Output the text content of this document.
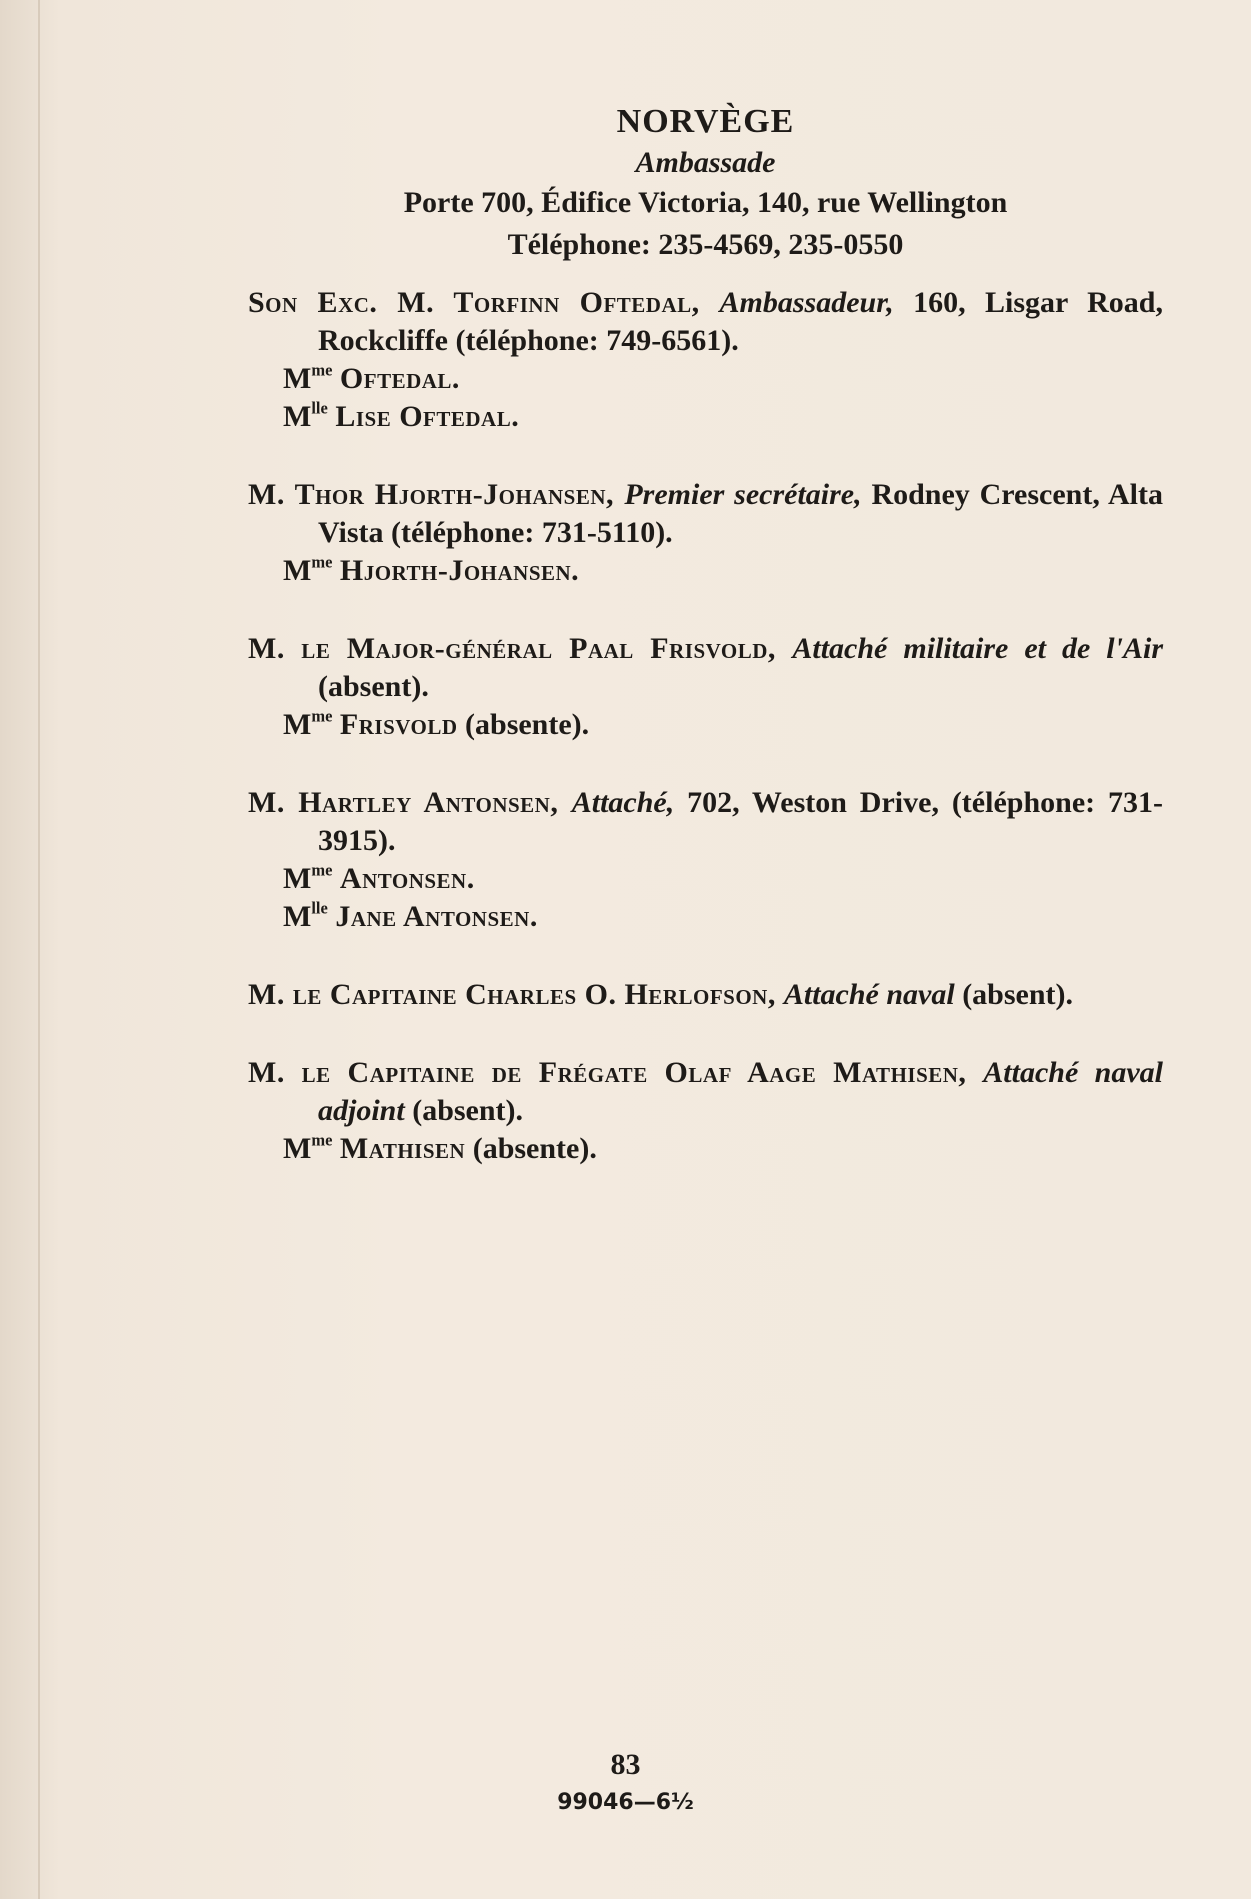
NORVÈGE

Ambassade

Porte 700, Édifice Victoria, 140, rue Wellington

Téléphone: 235-4569, 235-0550

Son Exc. M. Torfinn Oftedal, Ambassadeur, 160, Lisgar Road, Rockcliffe (téléphone: 749-6561).

$M^{me}$ Oftedal.

$M^{lle}$ Lise Oftedal.

M. Thor Hjorth-Johansen, Premier secrétaire, Rodney Crescent, Alta Vista (téléphone: 731-5110).

$M^{me}$ Hjorth-Johansen.

M. le Major-général Paal Frisvold, Attaché militaire et de l'Air (absent).

$M^{me}$ Frisvold (absente).

M. Hartley Antonsen, Attaché, 702, Weston Drive, (téléphone: 731-3915).

$M^{me}$ Antonsen.

$M^{lle}$ Jane Antonsen.

M. le Capitaine Charles O. Herlofson, Attaché naval (absent).

M. le Capitaine de Frégate Olaf Aage Mathisen, Attaché naval adjoint (absent).

$M^{me}$ Mathisen (absente).

83
99046—6½
